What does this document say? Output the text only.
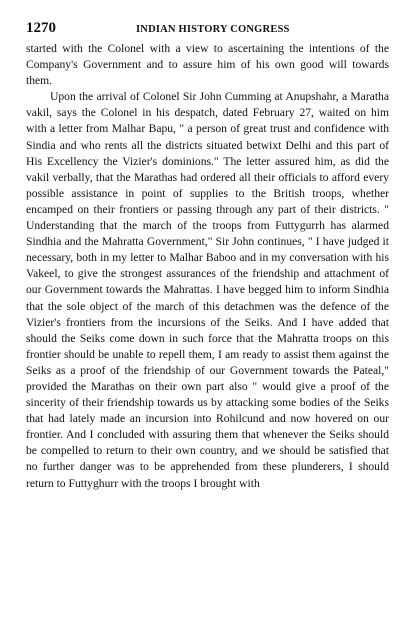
1270	INDIAN HISTORY CONGRESS

started with the Colonel with a view to ascertaining the intentions of the Company's Government and to assure him of his own good will towards them.

Upon the arrival of Colonel Sir John Cumming at Anupshahr, a Maratha vakil, says the Colonel in his despatch, dated February 27, waited on him with a letter from Malhar Bapu, " a person of great trust and confidence with Sindia and who rents all the districts situated betwixt Delhi and this part of His Excellency the Vizier's dominions." The letter assured him, as did the vakil verbally, that the Marathas had ordered all their officials to afford every possible assistance in point of supplies to the British troops, whether encamped on their frontiers or passing through any part of their districts. " Understanding that the march of the troops from Futtygurrh has alarmed Sindhia and the Mahratta Government," Sir John continues, " I have judged it necessary, both in my letter to Malhar Baboo and in my conversation with his Vakeel, to give the strongest assurances of the friendship and attachment of our Government towards the Mahrattas. I have begged him to inform Sindhia that the sole object of the march of this detachmen was the defence of the Vizier's frontiers from the incursions of the Seiks. And I have added that should the Seiks come down in such force that the Mahratta troops on this frontier should be unable to repell them, I am ready to assist them against the Seiks as a proof of the friendship of our Government towards the Pateal," provided the Marathas on their own part also " would give a proof of the sincerity of their friendship towards us by attacking some bodies of the Seiks that had lately made an incursion into Rohilcund and now hovered on our frontier. And I concluded with assuring them that whenever the Seiks should be compelled to return to their own country, and we should be satisfied that no further danger was to be apprehended from these plunderers, I should return to Futtyghurr with the troops I brought with
